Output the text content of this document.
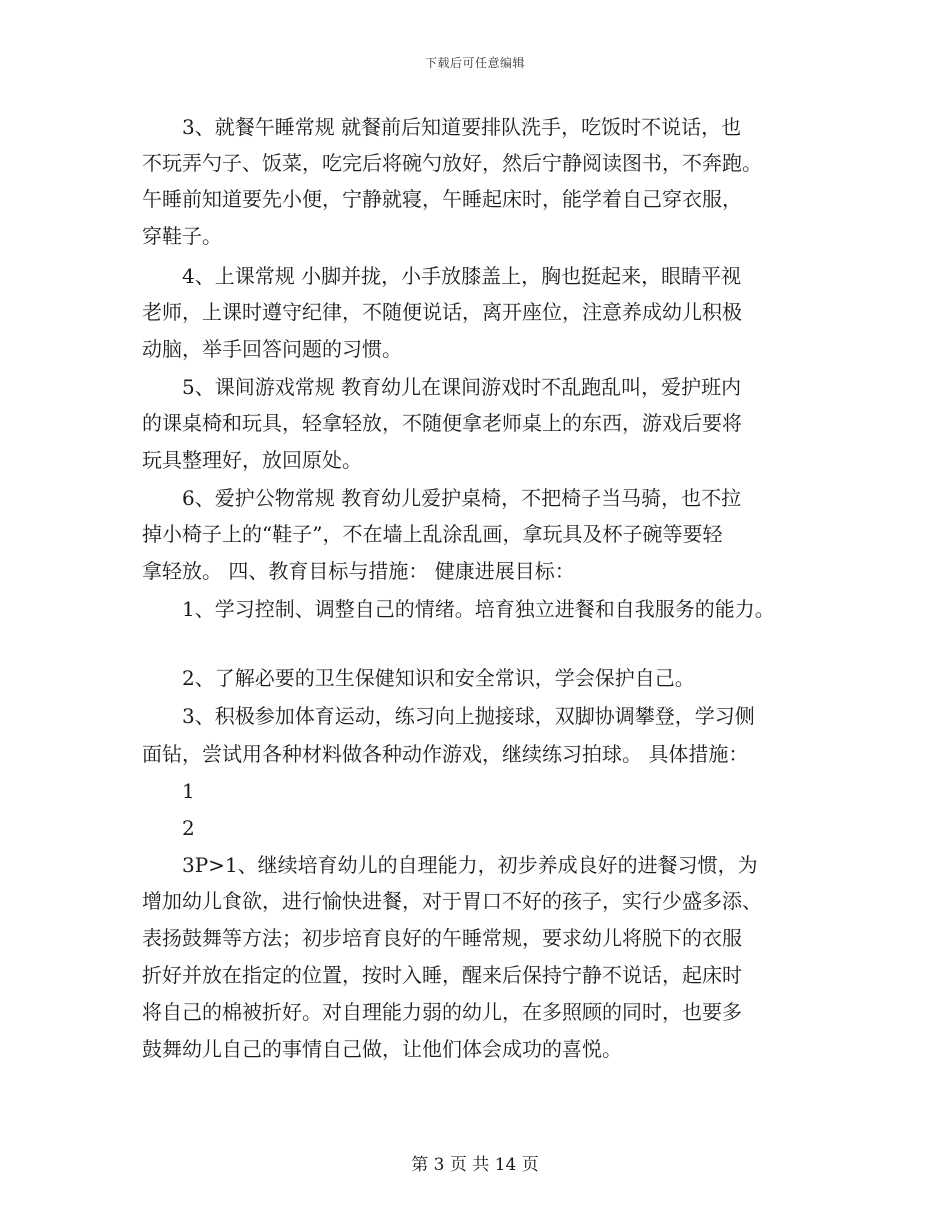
下载后可任意编辑
　　3、就餐午睡常规 就餐前后知道要排队洗手，吃饭时不说话，也
不玩弄勺子、饭菜，吃完后将碗勺放好，然后宁静阅读图书，不奔跑。
午睡前知道要先小便，宁静就寝，午睡起床时，能学着自己穿衣服，
穿鞋子。
　　4、上课常规 小脚并拢，小手放膝盖上，胸也挺起来，眼睛平视
老师，上课时遵守纪律，不随便说话，离开座位，注意养成幼儿积极
动脑，举手回答问题的习惯。
　　5、课间游戏常规 教育幼儿在课间游戏时不乱跑乱叫，爱护班内
的课桌椅和玩具，轻拿轻放，不随便拿老师桌上的东西，游戏后要将
玩具整理好，放回原处。
　　6、爱护公物常规 教育幼儿爱护桌椅，不把椅子当马骑，也不拉
掉小椅子上的“鞋子”，不在墙上乱涂乱画，拿玩具及杯子碗等要轻
拿轻放。 四、教育目标与措施： 健康进展目标：
　　1、学习控制、调整自己的情绪。培育独立进餐和自我服务的能力。
　　2、了解必要的卫生保健知识和安全常识，学会保护自己。
　　3、积极参加体育运动，练习向上抛接球，双脚协调攀登，学习侧
面钻，尝试用各种材料做各种动作游戏，继续练习拍球。 具体措施：
　　1
　　2
　　3P>1、继续培育幼儿的自理能力，初步养成良好的进餐习惯，为
增加幼儿食欲，进行愉快进餐，对于胃口不好的孩子，实行少盛多添、
表扬鼓舞等方法；初步培育良好的午睡常规，要求幼儿将脱下的衣服
折好并放在指定的位置，按时入睡，醒来后保持宁静不说话，起床时
将自己的棉被折好。对自理能力弱的幼儿，在多照顾的同时，也要多
鼓舞幼儿自己的事情自己做，让他们体会成功的喜悦。
第 3 页 共 14 页
